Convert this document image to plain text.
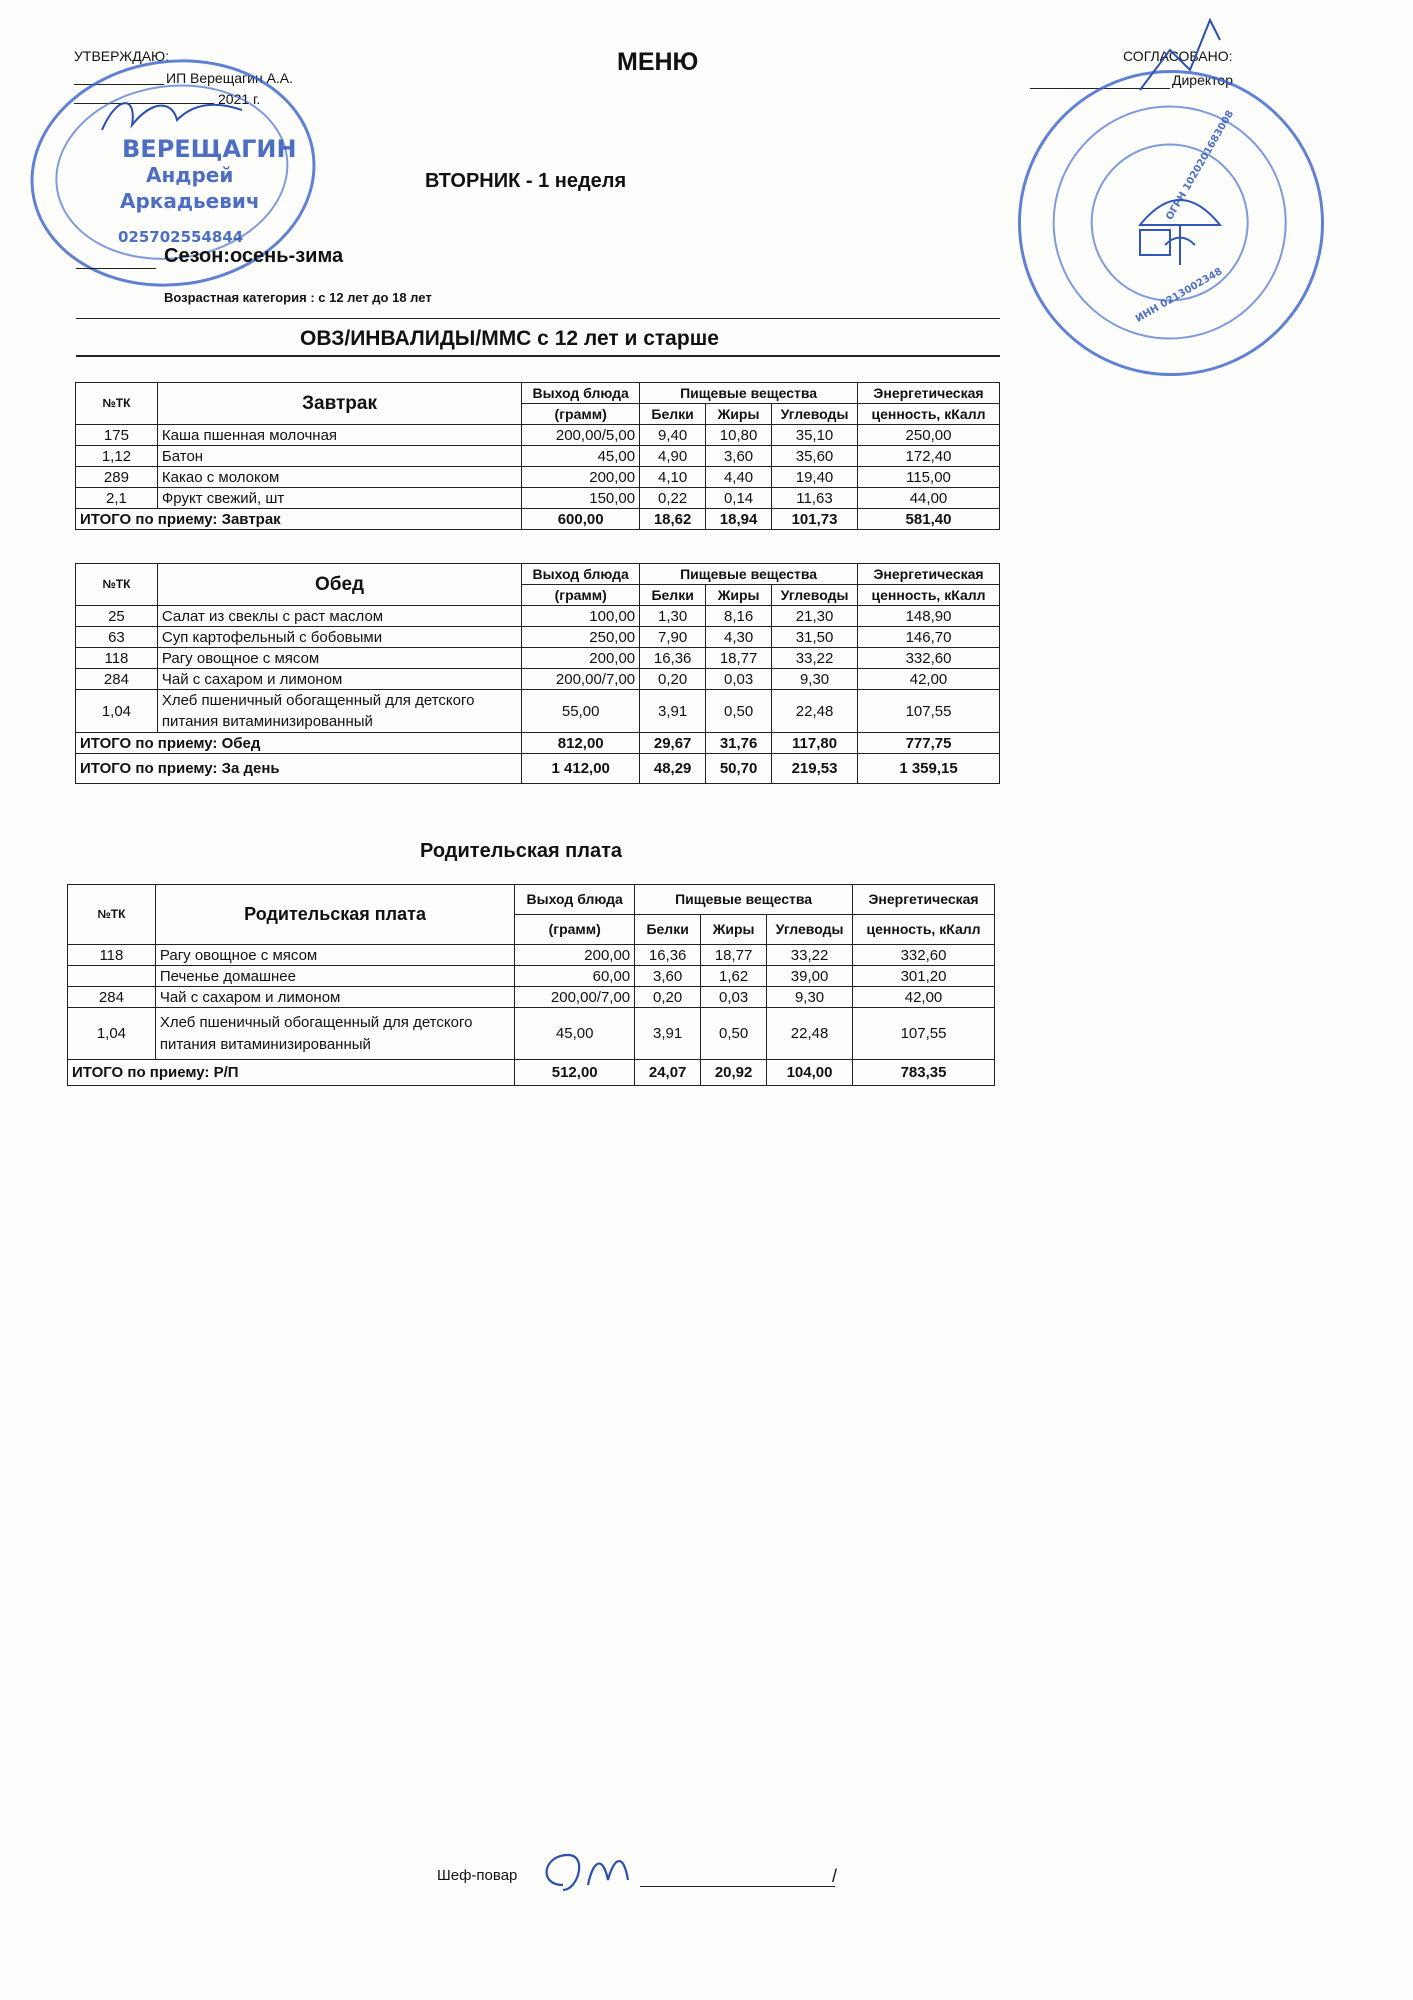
УТВЕРЖДАЮ:
ИП Верещагин А.А.
2021 г.
МЕНЮ	СОГЛАСОВАНО:
Директор
ВЕРЕЩАГИН
Андрей
Аркадьевич
025702554844
ИНН 0213002348
ОГРН 1020201683008
ВТОРНИК - 1 неделя
Сезон:осень-зима
Возрастная категория : с 12 лет до 18 лет
ОВЗ/ИНВАЛИДЫ/ММС с 12 лет и старше
№ТК	Завтрак	Выход блюда	Пищевые вещества			Энергетическая
		(грамм)	Белки	Жиры	Углеводы	ценность, кКалл
175	Каша пшенная молочная	200,00/5,00	9,40	10,80	35,10	250,00
1,12	Батон	45,00	4,90	3,60	35,60	172,40
289	Какао с молоком	200,00	4,10	4,40	19,40	115,00
2,1	Фрукт свежий, шт	150,00	0,22	0,14	11,63	44,00
ИТОГО по приему: Завтрак		600,00	18,62	18,94	101,73	581,40
№ТК	Обед	Выход блюда	Пищевые вещества			Энергетическая
		(грамм)	Белки	Жиры	Углеводы	ценность, кКалл
25	Салат из свеклы с раст маслом	100,00	1,30	8,16	21,30	148,90
63	Суп картофельный с бобовыми	250,00	7,90	4,30	31,50	146,70
118	Рагу овощное с мясом	200,00	16,36	18,77	33,22	332,60
284	Чай с сахаром и лимоном	200,00/7,00	0,20	0,03	9,30	42,00
1,04	Хлеб пшеничный обогащенный для детского питания витаминизированный	55,00	3,91	0,50	22,48	107,55
ИТОГО по приему: Обед		812,00	29,67	31,76	117,80	777,75
ИТОГО по приему: За день		1 412,00	48,29	50,70	219,53	1 359,15
Родительская плата
№ТК	Родительская плата	Выход блюда	Пищевые вещества			Энергетическая
		(грамм)	Белки	Жиры	Углеводы	ценность, кКалл
118	Рагу овощное с мясом	200,00	16,36	18,77	33,22	332,60
	Печенье домашнее	60,00	3,60	1,62	39,00	301,20
284	Чай с сахаром и лимоном	200,00/7,00	0,20	0,03	9,30	42,00
1,04	Хлеб пшеничный обогащенный для детского питания витаминизированный	45,00	3,91	0,50	22,48	107,55
ИТОГО по приему: Р/П		512,00	24,07	20,92	104,00	783,35
Шеф-повар	/
